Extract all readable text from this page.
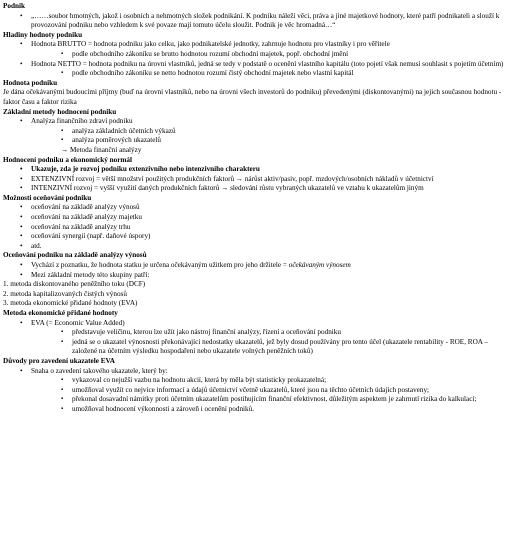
Podnik

• „……soubor hmotných, jakož i osobních a nehmotných složek podnikání. K podniku náleží věci, práva a jiné majetkové hodnoty, které patří podnikateli a slouží k provozování podniku nebo vzhledem k své povaze mají tomuto účelu sloužit. Podnik je věc hromadná…“

Hladiny hodnoty podniku

• Hodnota BRUTTO = hodnota podniku jako celku, jako podnikatelské jednotky, zahrnuje hodnotu pro vlastníky i pro věřitele
▪ podle obchodního zákoníku se brutto hodnotou rozumí obchodní majetek, popř. obchodní jmění
• Hodnota NETTO = hodnota podniku na úrovni vlastníků, jedná se tedy v podstatě o ocenění vlastního kapitálu (toto pojetí však nemusí souhlasit s pojetím účetním)
▪ podle obchodního zákoníku se netto hodnotou rozumí čistý obchodní majetek nebo vlastní kapitál

Hodnota podniku

Je dána očekávanými budoucími příjmy (buď na úrovni vlastníků, nebo na úrovni všech investorů do podniku) převedenými (diskontovanými) na jejich současnou hodnotu - faktor času a faktor rizika

Základní metody hodnocení podniku

• Analýza finančního zdraví podniku
▪ analýza základních účetních výkazů
▪ analýza poměrových ukazatelů
→ Metoda finanční analýzy

Hodnocení podniku a ekonomický normál

• Ukazuje, zda je rozvoj podniku extenzivního nebo intenzivního charakteru
• EXTENZIVNÍ rozvoj = větší množství použitých produkčních faktorů → nárůst aktiv/pasiv, popř. mzdových/osobních nákladů v účetnictví
• INTENZIVNÍ rozvoj = vyšší využití daných produkčních faktorů → sledování růstu vybraných ukazatelů ve vztahu k ukazatelům jiným

Možnosti oceňování podniku

• oceňování na základě analýzy výnosů
• oceňování na základě analýzy majetku
• oceňování na základě analýzy trhu
• oceňování synergií (např. daňové úspory)
• atd.

Oceňování podniku na základě analýzy výnosů

• Vychází z poznatku, že hodnota statku je určena očekávaným užitkem pro jeho držitele = očekávaným výnosem
• Mezi základní metody této skupiny patří:
1. metoda diskontovaného peněžního toku (DCF)
2. metoda kapitalizovaných čistých výnosů
3. metoda ekonomické přidané hodnoty (EVA)

Metoda ekonomické přidané hodnoty

• EVA (= Economic Value Added)
▪ představuje veličinu, kterou lze užít jako nástroj finanční analýzy, řízení a oceňování podniku
▪ jedná se o ukazatel výnosnosti překonávající nedostatky ukazatelů, jež byly dosud používány pro tento účel (ukazatele rentability - ROE, ROA – založené na účetním výsledku hospodaření nebo ukazatele volných peněžních toků)

Důvody pro zavedení ukazatele EVA

• Snaha o zavedení takového ukazatele, který by:
▪ vykazoval co nejužší vazbu na hodnotu akcií, která by měla být statisticky prokazatelná;
▪ umožňoval využít co nejvíce informací a údajů účetnictví včetně ukazatelů, které jsou na těchto účetních údajích postaveny;
▪ překonal dosavadní námitky proti účetním ukazatelům postihujícím finanční efektivnost, důležitým aspektem je zahrnutí rizika do kalkulací;
▪ umožňoval hodnocení výkonnosti a zároveň i ocenění podniků.
